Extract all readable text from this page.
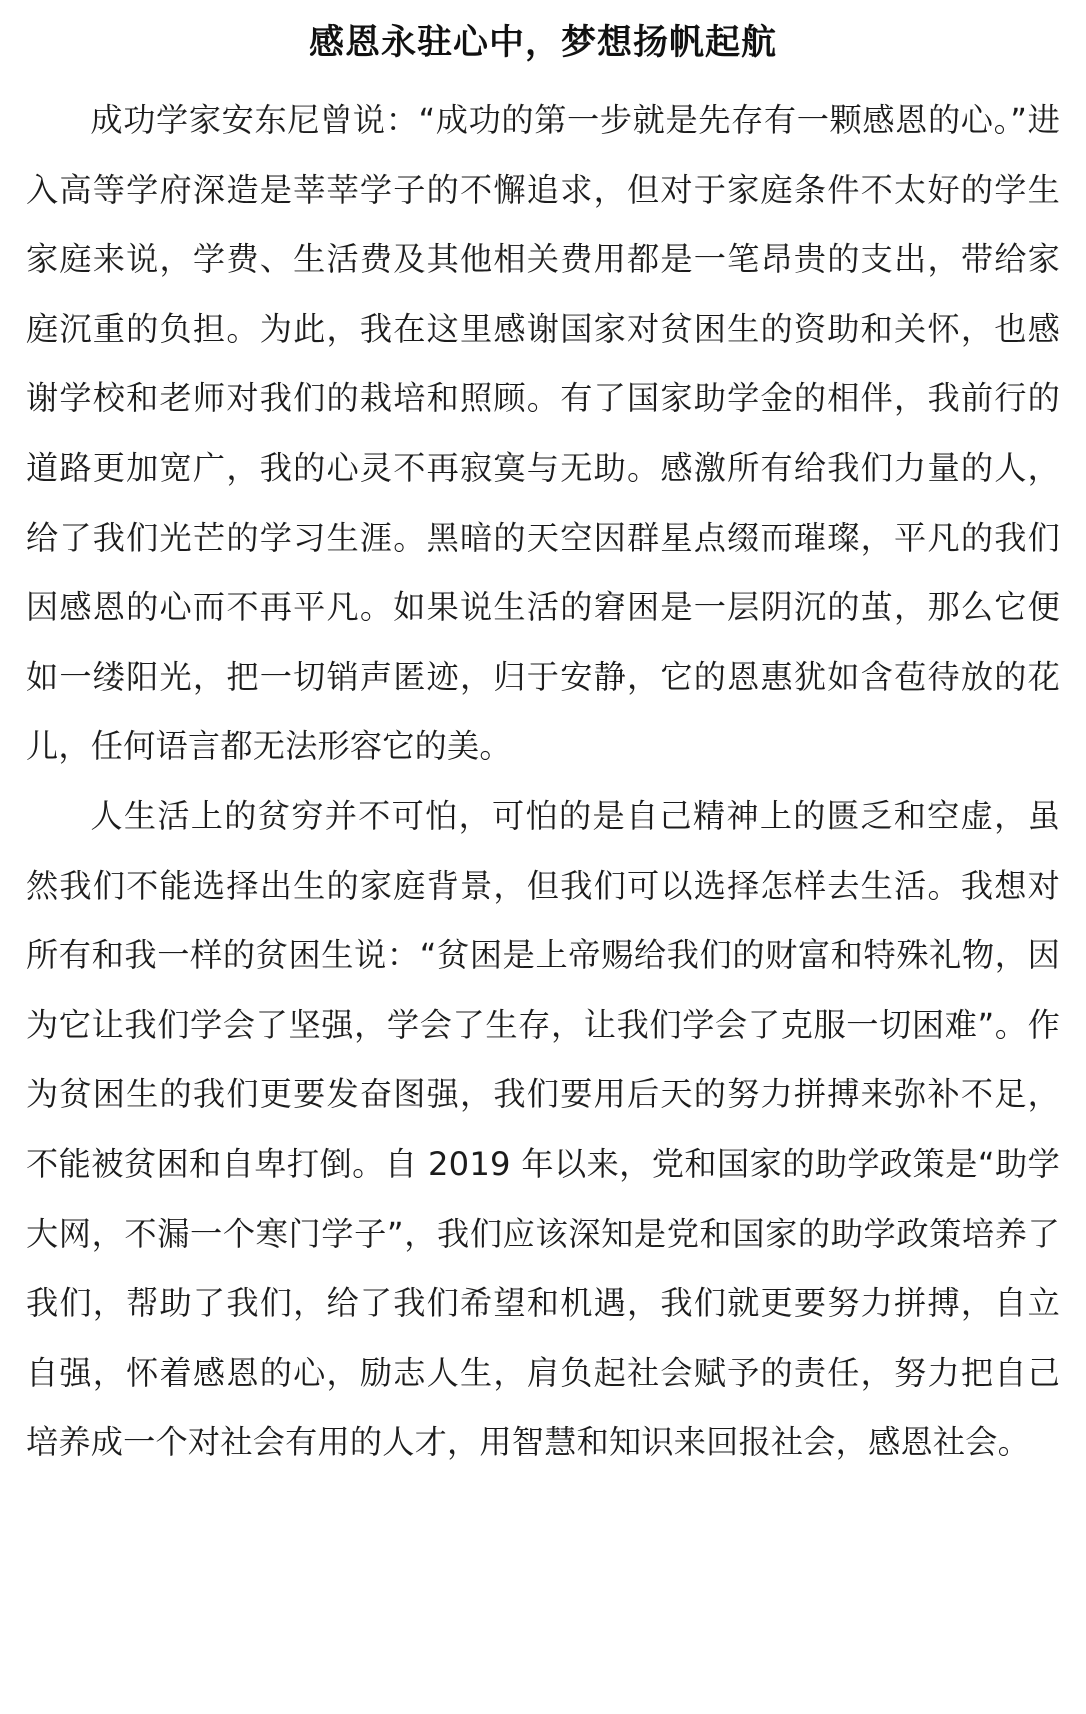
感恩永驻心中，梦想扬帆起航

成功学家安东尼曾说：“成功的第一步就是先存有一颗感恩的心。”进入高等学府深造是莘莘学子的不懈追求，但对于家庭条件不太好的学生家庭来说，学费、生活费及其他相关费用都是一笔昂贵的支出，带给家庭沉重的负担。为此，我在这里感谢国家对贫困生的资助和关怀，也感谢学校和老师对我们的栽培和照顾。有了国家助学金的相伴，我前行的道路更加宽广，我的心灵不再寂寞与无助。感激所有给我们力量的人，给了我们光芒的学习生涯。黑暗的天空因群星点缀而璀璨，平凡的我们因感恩的心而不再平凡。如果说生活的窘困是一层阴沉的茧，那么它便如一缕阳光，把一切销声匿迹，归于安静，它的恩惠犹如含苞待放的花儿，任何语言都无法形容它的美。

人生活上的贫穷并不可怕，可怕的是自己精神上的匮乏和空虚，虽然我们不能选择出生的家庭背景，但我们可以选择怎样去生活。我想对所有和我一样的贫困生说：“贫困是上帝赐给我们的财富和特殊礼物，因为它让我们学会了坚强，学会了生存，让我们学会了克服一切困难”。作为贫困生的我们更要发奋图强，我们要用后天的努力拼搏来弥补不足，不能被贫困和自卑打倒。自 2019 年以来，党和国家的助学政策是“助学大网，不漏一个寒门学子”，我们应该深知是党和国家的助学政策培养了我们，帮助了我们，给了我们希望和机遇，我们就更要努力拼搏，自立自强，怀着感恩的心，励志人生，肩负起社会赋予的责任，努力把自己培养成一个对社会有用的人才，用智慧和知识来回报社会，感恩社会。
